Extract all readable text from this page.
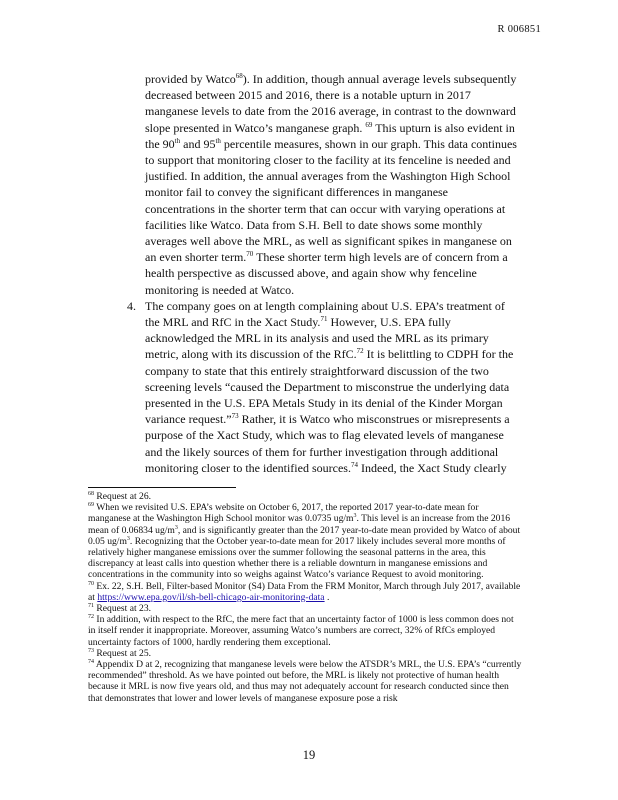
R 006851

provided by Watco$^{68}$). In addition, though annual average levels subsequently decreased between 2015 and 2016, there is a notable upturn in 2017 manganese levels to date from the 2016 average, in contrast to the downward slope presented in Watco’s manganese graph. $^{69}$ This upturn is also evident in the 90th and 95th percentile measures, shown in our graph. This data continues to support that monitoring closer to the facility at its fenceline is needed and justified. In addition, the annual averages from the Washington High School monitor fail to convey the significant differences in manganese concentrations in the shorter term that can occur with varying operations at facilities like Watco. Data from S.H. Bell to date shows some monthly averages well above the MRL, as well as significant spikes in manganese on an even shorter term.$^{70}$ These shorter term high levels are of concern from a health perspective as discussed above, and again show why fenceline monitoring is needed at Watco.

4. The company goes on at length complaining about U.S. EPA’s treatment of the MRL and RfC in the Xact Study.$^{71}$ However, U.S. EPA fully acknowledged the MRL in its analysis and used the MRL as its primary metric, along with its discussion of the RfC.$^{72}$ It is belittling to CDPH for the company to state that this entirely straightforward discussion of the two screening levels “caused the Department to misconstrue the underlying data presented in the U.S. EPA Metals Study in its denial of the Kinder Morgan variance request.”$^{73}$ Rather, it is Watco who misconstrues or misrepresents a purpose of the Xact Study, which was to flag elevated levels of manganese and the likely sources of them for further investigation through additional monitoring closer to the identified sources.$^{74}$ Indeed, the Xact Study clearly

$^{68}$ Request at 26.

$^{69}$ When we revisited U.S. EPA’s website on October 6, 2017, the reported 2017 year-to-date mean for manganese at the Washington High School monitor was 0.0735 $ug/m^3$. This level is an increase from the 2016 mean of 0.06834 $ug/m^3$, and is significantly greater than the 2017 year-to-date mean provided by Watco of about 0.05 $ug/m^3$. Recognizing that the October year-to-date mean for 2017 likely includes several more months of relatively higher manganese emissions over the summer following the seasonal patterns in the area, this discrepancy at least calls into question whether there is a reliable downturn in manganese emissions and concentrations in the community into so weighs against Watco’s variance Request to avoid monitoring.

$^{70}$ Ex. 22, S.H. Bell, Filter-based Monitor (S4) Data From the FRM Monitor, March through July 2017, available at https://www.epa.gov/il/sh-bell-chicago-air-monitoring-data .

$^{71}$ Request at 23.

$^{72}$ In addition, with respect to the RfC, the mere fact that an uncertainty factor of 1000 is less common does not in itself render it inappropriate. Moreover, assuming Watco’s numbers are correct, 32% of RfCs employed uncertainty factors of 1000, hardly rendering them exceptional.

$^{73}$ Request at 25.

$^{74}$ Appendix D at 2, recognizing that manganese levels were below the ATSDR’s MRL, the U.S. EPA’s “currently recommended” threshold. As we have pointed out before, the MRL is likely not protective of human health because it MRL is now five years old, and thus may not adequately account for research conducted since then that demonstrates that lower and lower levels of manganese exposure pose a risk

19
